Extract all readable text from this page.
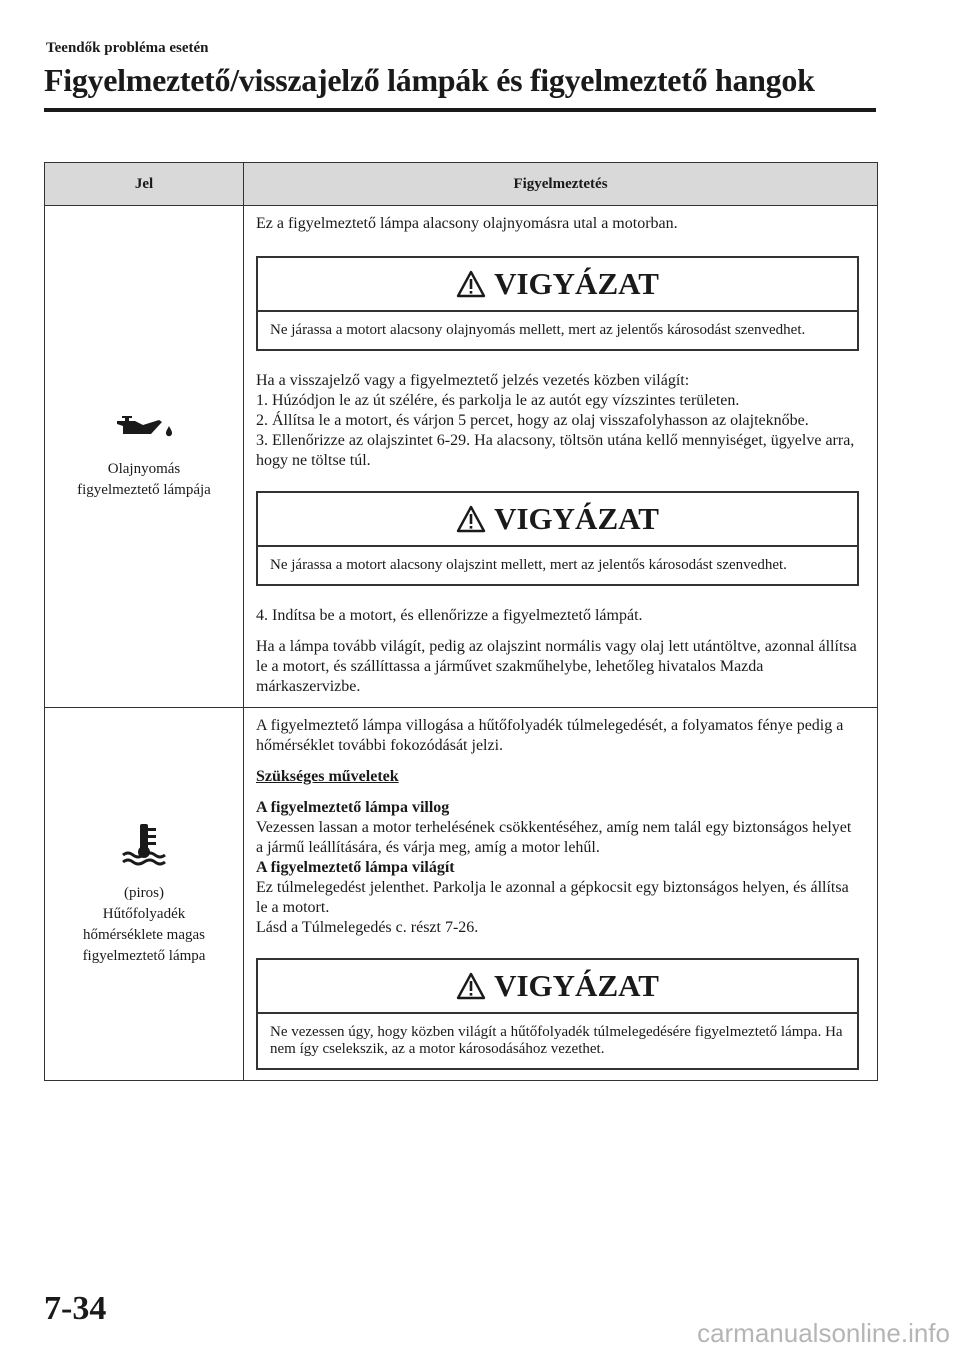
Teendők probléma esetén
Figyelmeztető/visszajelző lámpák és figyelmeztető hangok
Jel	Figyelmeztetés
Olajnyomás
figyelmeztető lámpája

Ez a figyelmeztető lámpa alacsony olajnyomásra utal a motorban.

VIGYÁZAT
Ne járassa a motort alacsony olajnyomás mellett, mert az jelentős károsodást szenvedhet.
Ha a visszajelző vagy a figyelmeztető jelzés vezetés közben világít:
1. Húzódjon le az út szélére, és parkolja le az autót egy vízszintes területen.
2. Állítsa le a motort, és várjon 5 percet, hogy az olaj visszafolyhasson az olajteknőbe.
3. Ellenőrizze az olajszintet 6-29. Ha alacsony, töltsön utána kellő mennyiséget, ügyelve arra, hogy ne töltse túl.
VIGYÁZAT
Ne járassa a motort alacsony olajszint mellett, mert az jelentős károsodást szenvedhet.

4. Indítsa be a motort, és ellenőrizze a figyelmeztető lámpát.

Ha a lámpa tovább világít, pedig az olajszint normális vagy olaj lett utántöltve, azonnal állítsa le a motort, és szállíttassa a járművet szakműhelybe, lehetőleg hivatalos Mazda márkaszervizbe.

(piros)
Hűtőfolyadék
hőmérséklete magas
figyelmeztető lámpa

A figyelmeztető lámpa villogása a hűtőfolyadék túlmelegedését, a folyamatos fénye pedig a hőmérséklet további fokozódását jelzi.

Szükséges műveletek

A figyelmeztető lámpa villog
Vezessen lassan a motor terhelésének csökkentéséhez, amíg nem talál egy biztonságos helyet a jármű leállítására, és várja meg, amíg a motor lehűl.
A figyelmeztető lámpa világít
Ez túlmelegedést jelenthet. Parkolja le azonnal a gépkocsit egy biztonságos helyen, és állítsa le a motort.
Lásd a Túlmelegedés c. részt 7-26.
VIGYÁZAT
Ne vezessen úgy, hogy közben világít a hűtőfolyadék túlmelegedésére figyelmeztető lámpa. Ha nem így cselekszik, az a motor károsodásához vezethet.
7-34
carmanualsonline.info
